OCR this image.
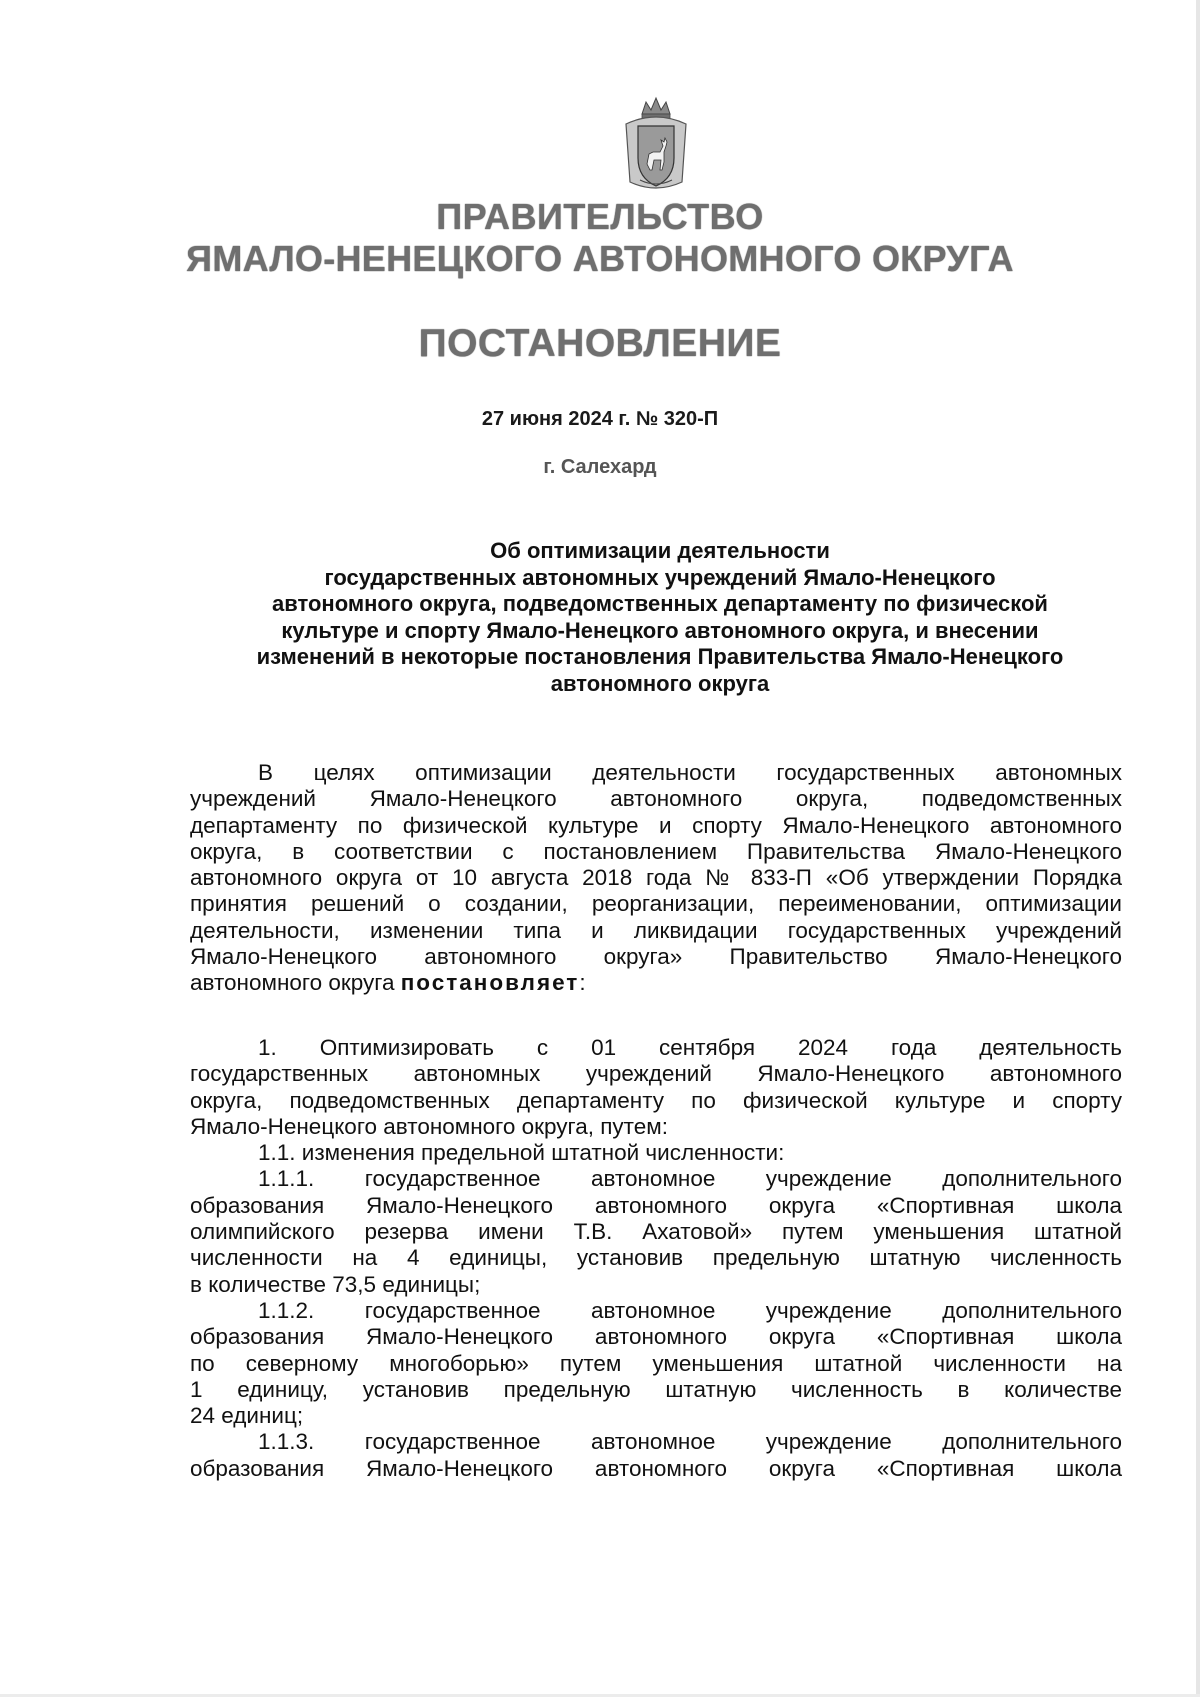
ПРАВИТЕЛЬСТВО
ЯМАЛО-НЕНЕЦКОГО АВТОНОМНОГО ОКРУГА
ПОСТАНОВЛЕНИЕ
27 июня 2024 г. № 320-П
г. Салехард
Об оптимизации деятельности
государственных автономных учреждений Ямало-Ненецкого
автономного округа, подведомственных департаменту по физической
культуре и спорту Ямало-Ненецкого автономного округа, и внесении
изменений в некоторые постановления Правительства Ямало-Ненецкого
автономного округа
В целях оптимизации деятельности государственных автономных
учреждений Ямало-Ненецкого автономного округа, подведомственных
департаменту по физической культуре и спорту Ямало-Ненецкого автономного
округа, в соответствии с постановлением Правительства Ямало-Ненецкого
автономного округа от 10 августа 2018 года № 833-П «Об утверждении Порядка
принятия решений о создании, реорганизации, переименовании, оптимизации
деятельности, изменении типа и ликвидации государственных учреждений
Ямало-Ненецкого автономного округа» Правительство Ямало-Ненецкого
автономного округа постановляет:
1. Оптимизировать с 01 сентября 2024 года деятельность
государственных автономных учреждений Ямало-Ненецкого автономного
округа, подведомственных департаменту по физической культуре и спорту
Ямало-Ненецкого автономного округа, путем:
1.1. изменения предельной штатной численности:
1.1.1. государственное автономное учреждение дополнительного
образования Ямало-Ненецкого автономного округа «Спортивная школа
олимпийского резерва имени Т.В. Ахатовой» путем уменьшения штатной
численности на 4 единицы, установив предельную штатную численность
в количестве 73,5 единицы;
1.1.2. государственное автономное учреждение дополнительного
образования Ямало-Ненецкого автономного округа «Спортивная школа
по северному многоборью» путем уменьшения штатной численности на
1 единицу, установив предельную штатную численность в количестве
24 единиц;
1.1.3. государственное автономное учреждение дополнительного
образования Ямало-Ненецкого автономного округа «Спортивная школа
